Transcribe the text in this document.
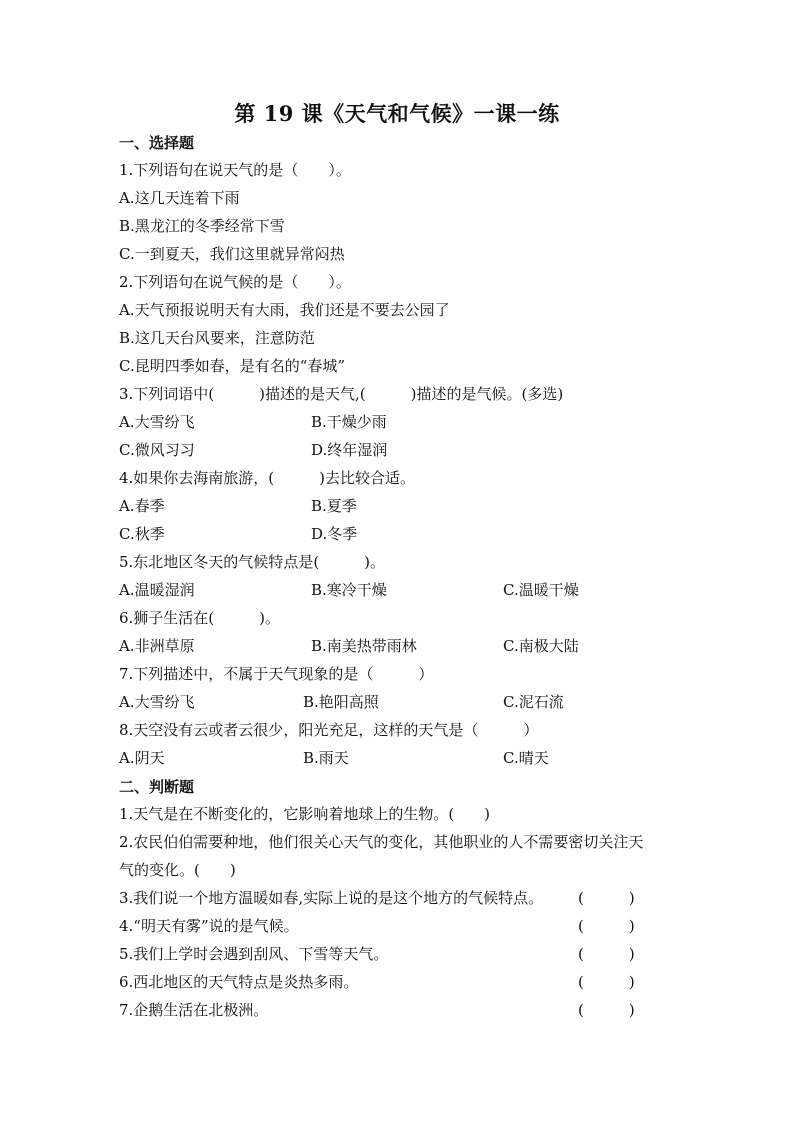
第 19 课《天气和气候》一课一练
一、选择题
1.下列语句在说天气的是（　　）。
A.这几天连着下雨
B.黑龙江的冬季经常下雪
C.一到夏天，我们这里就异常闷热
2.下列语句在说气候的是（　　）。
A.天气预报说明天有大雨，我们还是不要去公园了
B.这几天台风要来，注意防范
C.昆明四季如春，是有名的“春城”
3.下列词语中(　　　)描述的是天气,(　　　)描述的是气候。(多选)
A.大雪纷飞	B.干燥少雨
C.微风习习	D.终年湿润
4.如果你去海南旅游，(　　　)去比较合适。
A.春季	B.夏季
C.秋季	D.冬季
5.东北地区冬天的气候特点是(　　　)。
A.温暖湿润	B.寒冷干燥	C.温暖干燥
6.狮子生活在(　　　)。
A.非洲草原	B.南美热带雨林	C.南极大陆
7.下列描述中，不属于天气现象的是（　　　）
A.大雪纷飞	B.艳阳高照	C.泥石流
8.天空没有云或者云很少，阳光充足，这样的天气是（　　　）
A.阴天	B.雨天	C.晴天
二、判断题
1.天气是在不断变化的，它影响着地球上的生物。(　　)
2.农民伯伯需要种地，他们很关心天气的变化，其他职业的人不需要密切关注天
气的变化。(　　)
3.我们说一个地方温暖如春,实际上说的是这个地方的气候特点。 (　　　)
4.“明天有雾”说的是气候。	(　　　)
5.我们上学时会遇到刮风、下雪等天气。	(　　　)
6.西北地区的天气特点是炎热多雨。	(　　　)
7.企鹅生活在北极洲。	(　　　)
